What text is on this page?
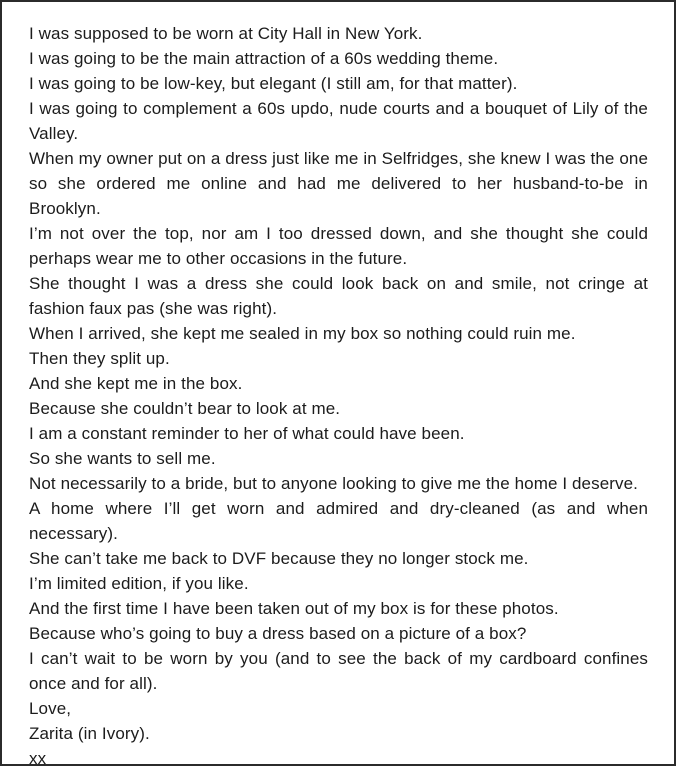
I was supposed to be worn at City Hall in New York.

I was going to be the main attraction of a 60s wedding theme.

I was going to be low-key, but elegant (I still am, for that matter).

I was going to complement a 60s updo, nude courts and a bouquet of Lily of the Valley.

When my owner put on a dress just like me in Selfridges, she knew I was the one so she ordered me online and had me delivered to her husband-to-be in Brooklyn.

I’m not over the top, nor am I too dressed down, and she thought she could perhaps wear me to other occasions in the future.

She thought I was a dress she could look back on and smile, not cringe at fashion faux pas (she was right).

When I arrived, she kept me sealed in my box so nothing could ruin me.

Then they split up.

And she kept me in the box.

Because she couldn’t bear to look at me.

I am a constant reminder to her of what could have been.

So she wants to sell me.

Not necessarily to a bride, but to anyone looking to give me the home I deserve.

A home where I’ll get worn and admired and dry-cleaned (as and when necessary).

She can’t take me back to DVF because they no longer stock me.

I’m limited edition, if you like.

And the first time I have been taken out of my box is for these photos.

Because who’s going to buy a dress based on a picture of a box?

I can’t wait to be worn by you (and to see the back of my cardboard confines once and for all).

Love,

Zarita (in Ivory).

xx
